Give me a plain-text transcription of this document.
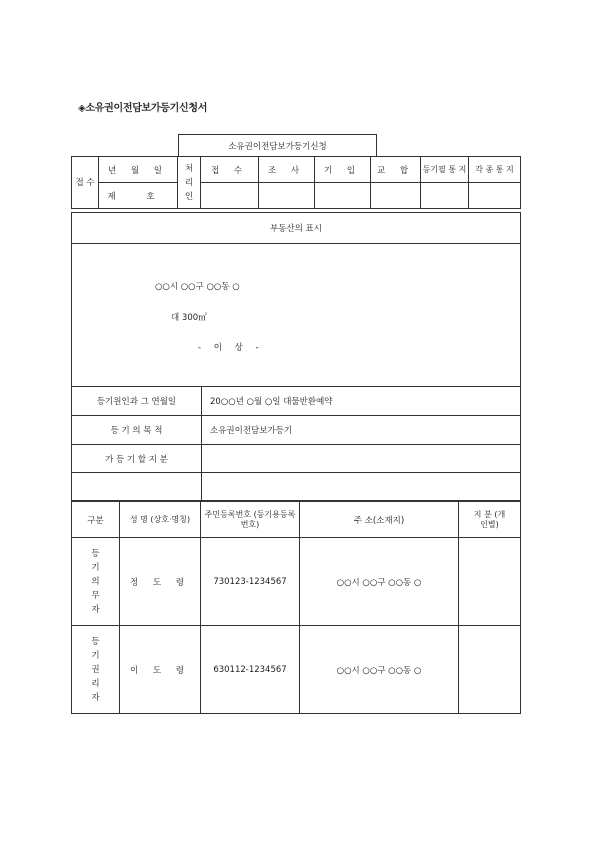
◈소유권이전담보가등기신청서
소유권이전담보가등기신청
접 수	년 월 일	처 리 인	접 수	조 사	기 입	교 합	등기필 통 지	각 종 통 지
	제 호							
부동산의 표시	

○○시 ○○구 ○○동 ○
대 300㎡
- 이 상 -	

등기원인과 그 연월일	20○○년 ○월 ○일 대물반환예약
등 기 의 목 적	소유권이전담보가등기
가 등 기 할 지 분	

구분	성 명 (상호·명칭)	주민등록번호 (등기용등록번호)	주 소(소재지)	지 분 (개인별)
등기의무자	정 도 령	730123-1234567	○○시 ○○구 ○○동 ○	
등기권리자	이 도 령	630112-1234567	○○시 ○○구 ○○동 ○	
